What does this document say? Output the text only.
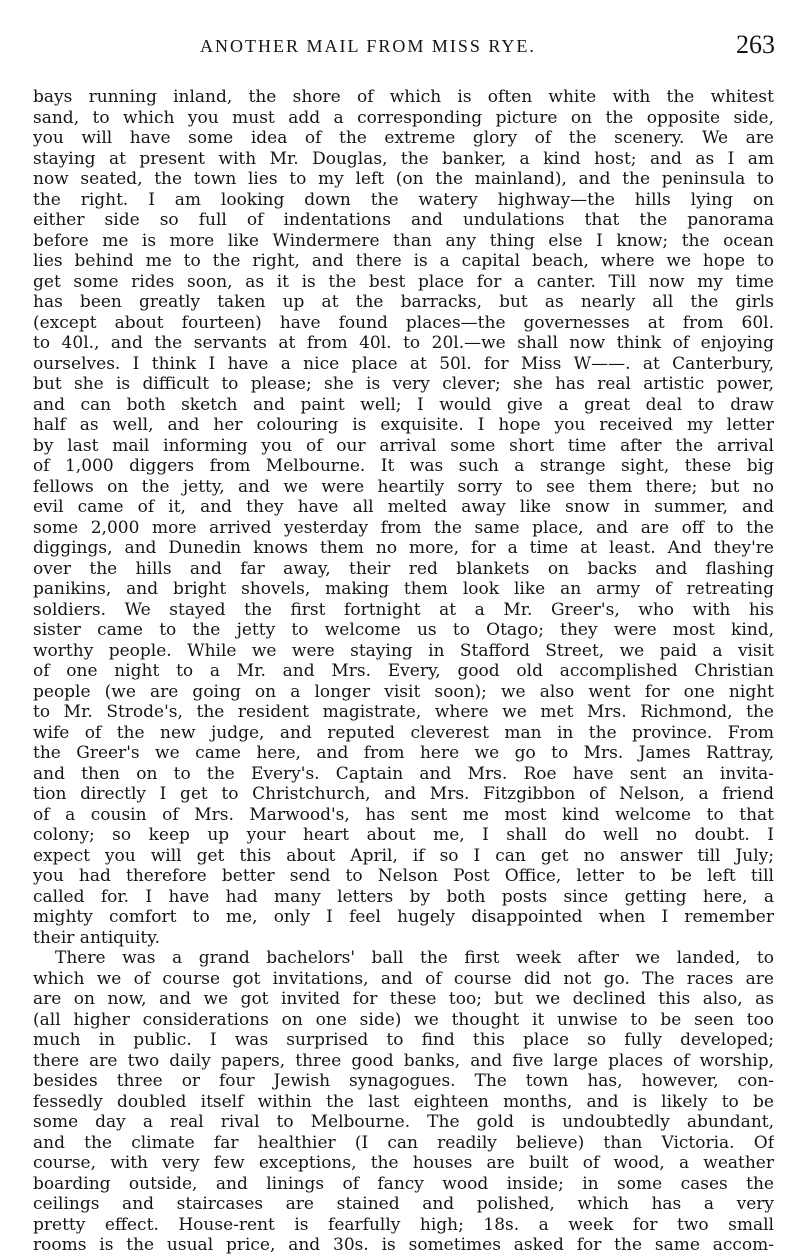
ANOTHER MAIL FROM MISS RYE.	263
bays running inland, the shore of which is often white with the whitest
sand, to which you must add a corresponding picture on the opposite side,
you will have some idea of the extreme glory of the scenery. We are
staying at present with Mr. Douglas, the banker, a kind host; and as I am
now seated, the town lies to my left (on the mainland), and the peninsula to
the right. I am looking down the watery highway—the hills lying on
either side so full of indentations and undulations that the panorama
before me is more like Windermere than any thing else I know; the ocean
lies behind me to the right, and there is a capital beach, where we hope to
get some rides soon, as it is the best place for a canter. Till now my time
has been greatly taken up at the barracks, but as nearly all the girls
(except about fourteen) have found places—the governesses at from 60l.
to 40l., and the servants at from 40l. to 20l.—we shall now think of enjoying
ourselves. I think I have a nice place at 50l. for Miss W——. at Canterbury,
but she is difficult to please; she is very clever; she has real artistic power,
and can both sketch and paint well; I would give a great deal to draw
half as well, and her colouring is exquisite. I hope you received my letter
by last mail informing you of our arrival some short time after the arrival
of 1,000 diggers from Melbourne. It was such a strange sight, these big
fellows on the jetty, and we were heartily sorry to see them there; but no
evil came of it, and they have all melted away like snow in summer, and
some 2,000 more arrived yesterday from the same place, and are off to the
diggings, and Dunedin knows them no more, for a time at least. And they're
over the hills and far away, their red blankets on backs and flashing
panikins, and bright shovels, making them look like an army of retreating
soldiers. We stayed the first fortnight at a Mr. Greer's, who with his
sister came to the jetty to welcome us to Otago; they were most kind,
worthy people. While we were staying in Stafford Street, we paid a visit
of one night to a Mr. and Mrs. Every, good old accomplished Christian
people (we are going on a longer visit soon); we also went for one night
to Mr. Strode's, the resident magistrate, where we met Mrs. Richmond, the
wife of the new judge, and reputed cleverest man in the province. From
the Greer's we came here, and from here we go to Mrs. James Rattray,
and then on to the Every's. Captain and Mrs. Roe have sent an invita-
tion directly I get to Christchurch, and Mrs. Fitzgibbon of Nelson, a friend
of a cousin of Mrs. Marwood's, has sent me most kind welcome to that
colony; so keep up your heart about me, I shall do well no doubt. I
expect you will get this about April, if so I can get no answer till July;
you had therefore better send to Nelson Post Office, letter to be left till
called for. I have had many letters by both posts since getting here, a
mighty comfort to me, only I feel hugely disappointed when I remember
their antiquity.
There was a grand bachelors' ball the first week after we landed, to
which we of course got invitations, and of course did not go. The races are
are on now, and we got invited for these too; but we declined this also, as
(all higher considerations on one side) we thought it unwise to be seen too
much in public. I was surprised to find this place so fully developed;
there are two daily papers, three good banks, and five large places of worship,
besides three or four Jewish synagogues. The town has, however, con-
fessedly doubled itself within the last eighteen months, and is likely to be
some day a real rival to Melbourne. The gold is undoubtedly abundant,
and the climate far healthier (I can readily believe) than Victoria. Of
course, with very few exceptions, the houses are built of wood, a weather
boarding outside, and linings of fancy wood inside; in some cases the
ceilings and staircases are stained and polished, which has a very
pretty effect. House-rent is fearfully high; 18s. a week for two small
rooms is the usual price, and 30s. is sometimes asked for the same accom-
